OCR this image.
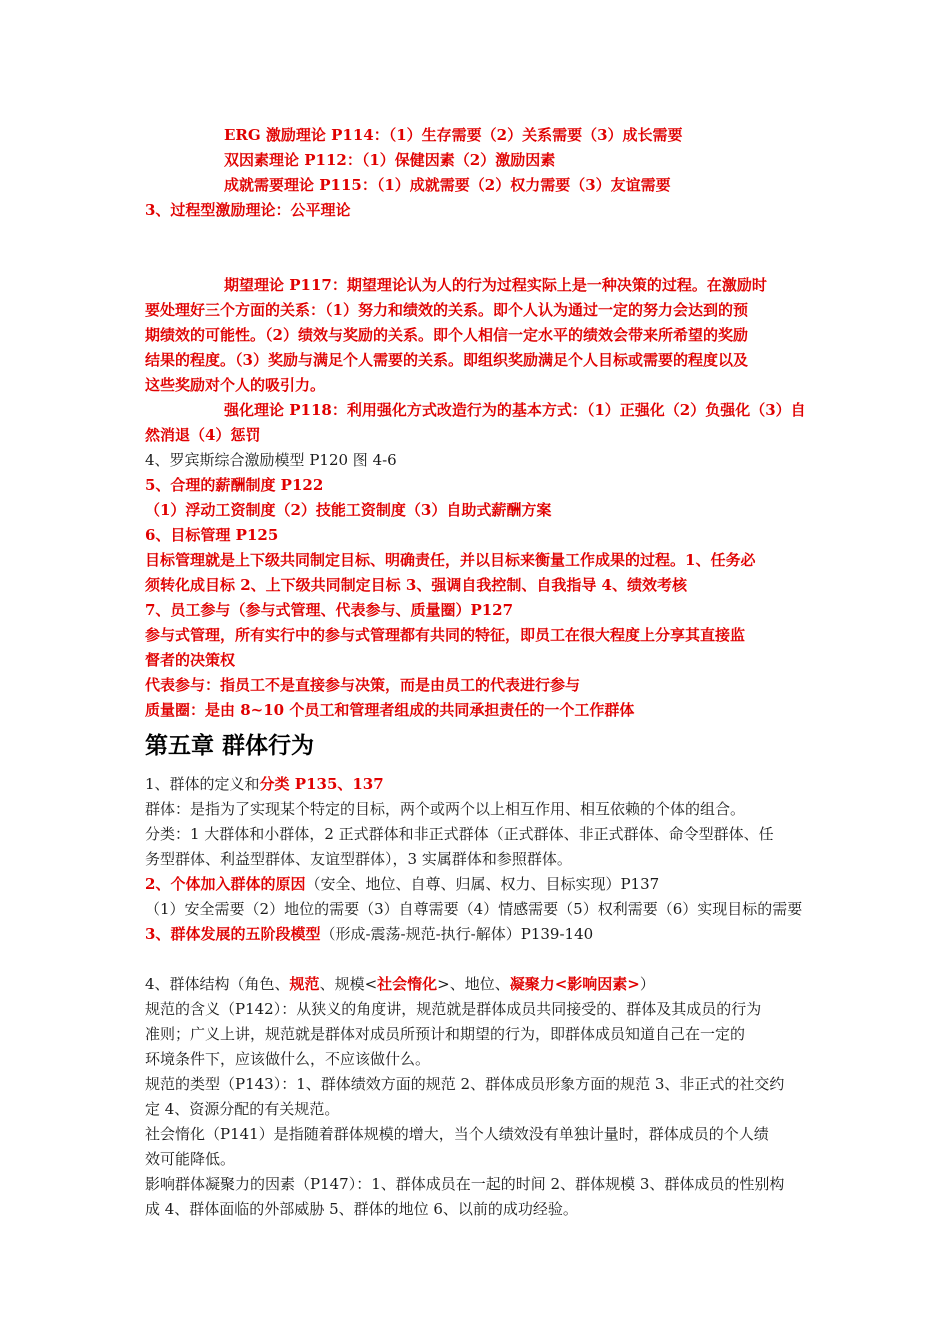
ERG 激励理论 P114：（1）生存需要（2）关系需要（3）成长需要
双因素理论 P112：（1）保健因素（2）激励因素
成就需要理论 P115：（1）成就需要（2）权力需要（3）友谊需要
3、过程型激励理论：公平理论
期望理论 P117：期望理论认为人的行为过程实际上是一种决策的过程。在激励时
要处理好三个方面的关系：（1）努力和绩效的关系。即个人认为通过一定的努力会达到的预
期绩效的可能性。（2）绩效与奖励的关系。即个人相信一定水平的绩效会带来所希望的奖励
结果的程度。（3）奖励与满足个人需要的关系。即组织奖励满足个人目标或需要的程度以及
这些奖励对个人的吸引力。
强化理论 P118：利用强化方式改造行为的基本方式：（1）正强化（2）负强化（3）自
然消退（4）惩罚
4、罗宾斯综合激励模型 P120 图 4-6
5、合理的薪酬制度 P122
（1）浮动工资制度（2）技能工资制度（3）自助式薪酬方案
6、目标管理 P125
目标管理就是上下级共同制定目标、明确责任，并以目标来衡量工作成果的过程。1、任务必
须转化成目标 2、上下级共同制定目标 3、强调自我控制、自我指导 4、绩效考核
7、员工参与（参与式管理、代表参与、质量圈）P127
参与式管理，所有实行中的参与式管理都有共同的特征，即员工在很大程度上分享其直接监
督者的决策权
代表参与：指员工不是直接参与决策，而是由员工的代表进行参与
质量圈：是由 8~10 个员工和管理者组成的共同承担责任的一个工作群体
第五章 群体行为
1、群体的定义和分类 P135、137
群体：是指为了实现某个特定的目标，两个或两个以上相互作用、相互依赖的个体的组合。
分类：1 大群体和小群体，2 正式群体和非正式群体（正式群体、非正式群体、命令型群体、任
务型群体、利益型群体、友谊型群体），3 实属群体和参照群体。
2、个体加入群体的原因（安全、地位、自尊、归属、权力、目标实现）P137
（1）安全需要（2）地位的需要（3）自尊需要（4）情感需要（5）权利需要（6）实现目标的需要
3、群体发展的五阶段模型（形成-震荡-规范-执行-解体）P139-140
4、群体结构（角色、规范、规模<社会惰化>、地位、凝聚力<影响因素>）
规范的含义（P142）：从狭义的角度讲，规范就是群体成员共同接受的、群体及其成员的行为
准则；广义上讲，规范就是群体对成员所预计和期望的行为，即群体成员知道自己在一定的
环境条件下，应该做什么，不应该做什么。
规范的类型（P143）：1、群体绩效方面的规范 2、群体成员形象方面的规范 3、非正式的社交约
定 4、资源分配的有关规范。
社会惰化（P141）是指随着群体规模的增大，当个人绩效没有单独计量时，群体成员的个人绩
效可能降低。
影响群体凝聚力的因素（P147）：1、群体成员在一起的时间 2、群体规模 3、群体成员的性别构
成 4、群体面临的外部威胁 5、群体的地位 6、以前的成功经验。
